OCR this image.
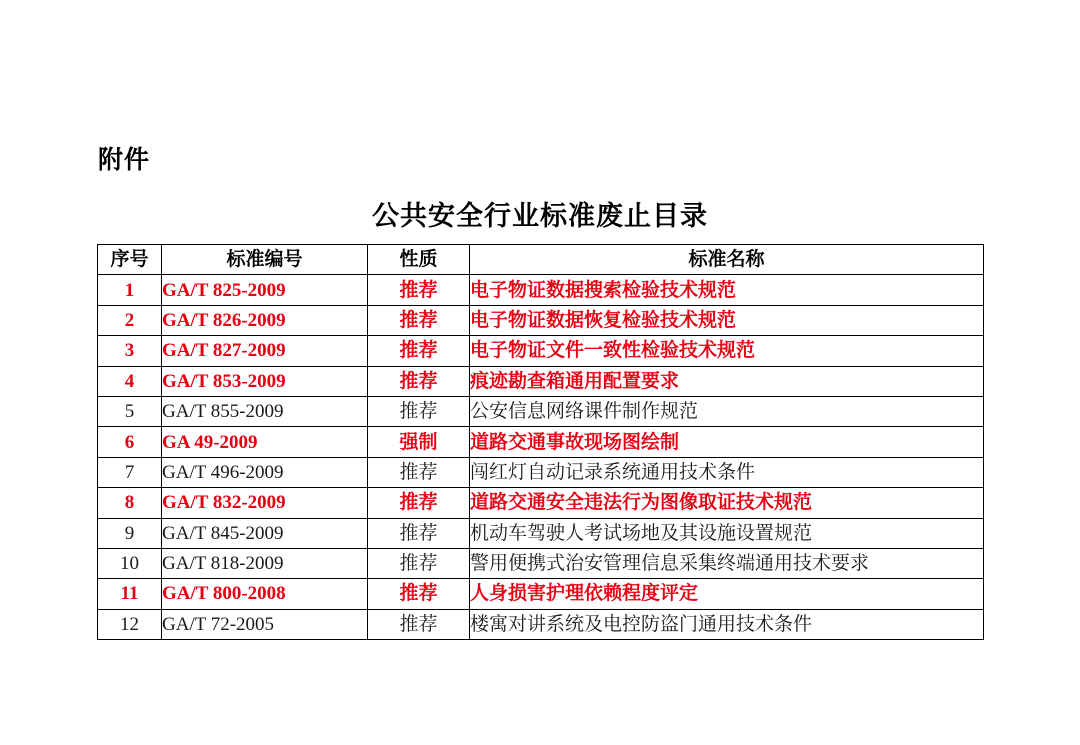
附件
公共安全行业标准废止目录
序号	标准编号	性质	标准名称
1	GA/T 825-2009	推荐	电子物证数据搜索检验技术规范
2	GA/T 826-2009	推荐	电子物证数据恢复检验技术规范
3	GA/T 827-2009	推荐	电子物证文件一致性检验技术规范
4	GA/T 853-2009	推荐	痕迹勘查箱通用配置要求
5	GA/T 855-2009	推荐	公安信息网络课件制作规范
6	GA 49-2009	强制	道路交通事故现场图绘制
7	GA/T 496-2009	推荐	闯红灯自动记录系统通用技术条件
8	GA/T 832-2009	推荐	道路交通安全违法行为图像取证技术规范
9	GA/T 845-2009	推荐	机动车驾驶人考试场地及其设施设置规范
10	GA/T 818-2009	推荐	警用便携式治安管理信息采集终端通用技术要求
11	GA/T 800-2008	推荐	人身损害护理依赖程度评定
12	GA/T 72-2005	推荐	楼寓对讲系统及电控防盗门通用技术条件
